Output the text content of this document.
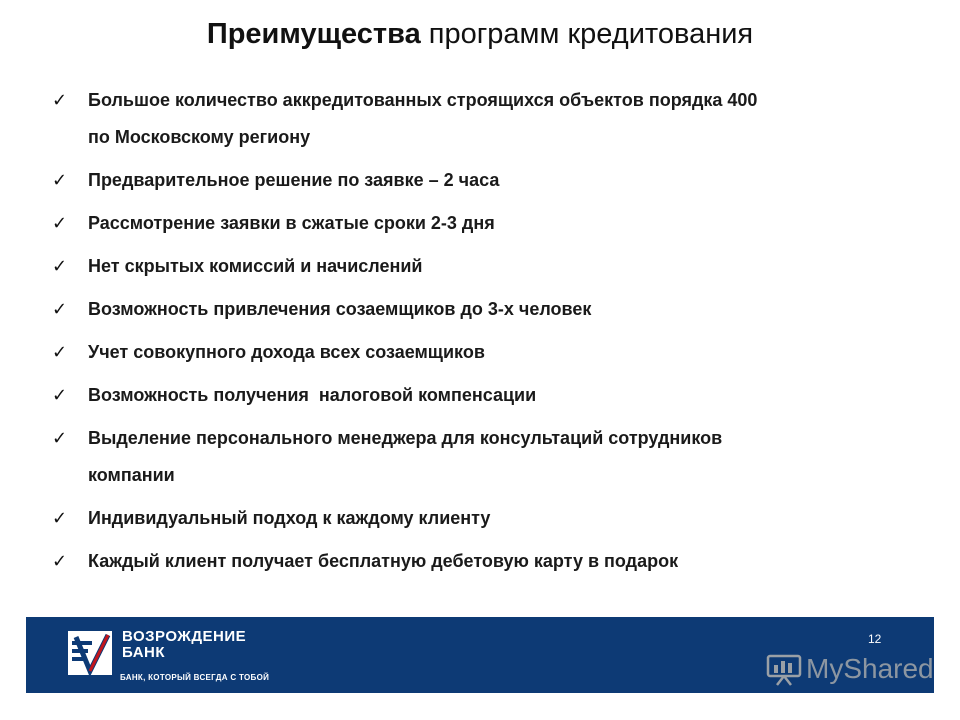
Преимущества программ кредитования
✓ Большое количество аккредитованных строящихся объектов порядка 400
по Московскому региону
✓ Предварительное решение по заявке – 2 часа
✓ Рассмотрение заявки в сжатые сроки 2-3 дня
✓ Нет скрытых комиссий и начислений
✓ Возможность привлечения созаемщиков до 3-х человек
✓ Учет совокупного дохода всех созаемщиков
✓ Возможность получения  налоговой компенсации
✓ Выделение персонального менеджера для консультаций сотрудников
компании
✓ Индивидуальный подход к каждому клиенту
✓ Каждый клиент получает бесплатную дебетовую карту в подарок
ВОЗРОЖДЕНИЕ
БАНК
БАНК, КОТОРЫЙ ВСЕГДА С ТОБОЙ
12
MyShared
